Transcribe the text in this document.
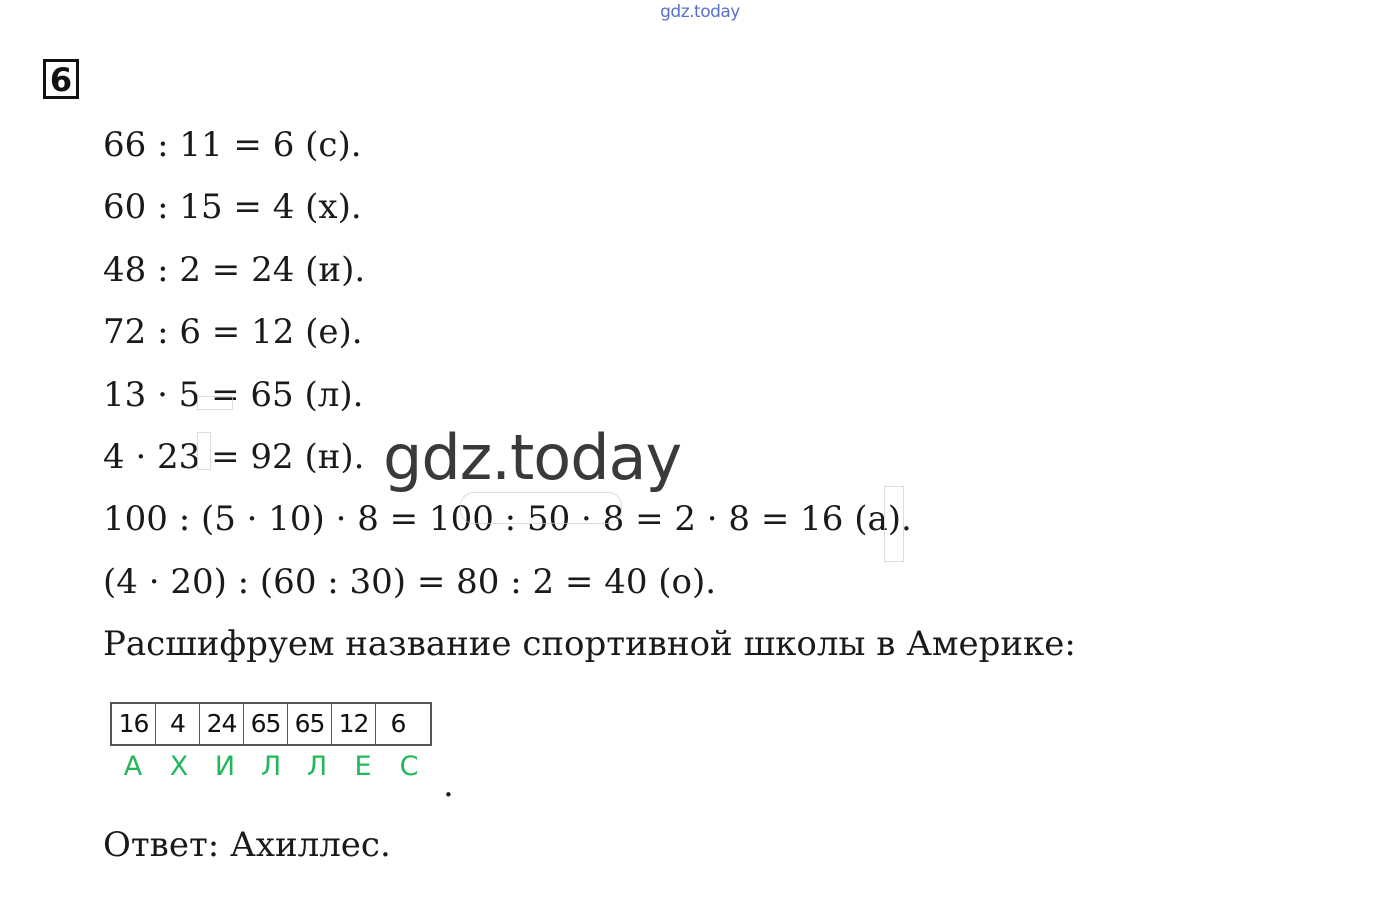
gdz.today
6
66 : 11 = 6 (с).
60 : 15 = 4 (х).
48 : 2 = 24 (и).
72 : 6 = 12 (е).
13 · 5 = 65 (л).
4 · 23 = 92 (н).
100 : (5 · 10) · 8 = 100 : 50 · 8 = 2 · 8 = 16 (а).
(4 · 20) : (60 : 30) = 80 : 2 = 40 (о).
Расшифруем название спортивной школы в Америке:
gdz.today
16 4 24 65 65 12 6
А	Х И Л Л	Е	С .
Ответ: Ахиллес.
